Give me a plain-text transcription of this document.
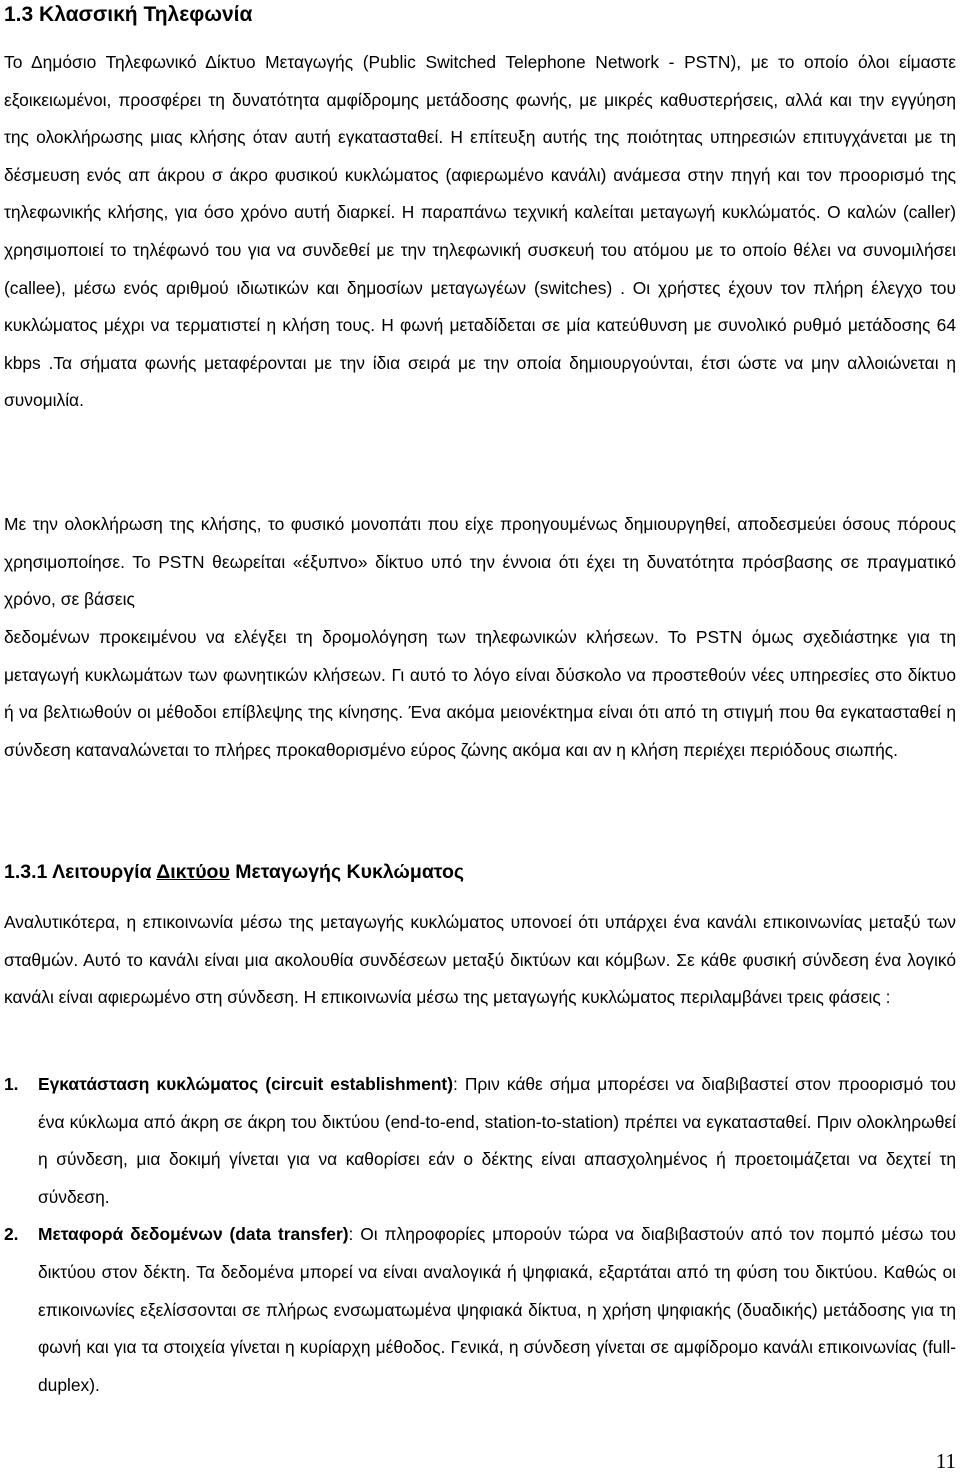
1.3 Κλασσική Τηλεφωνία

Το Δημόσιο Τηλεφωνικό Δίκτυο Μεταγωγής (Public Switched Telephone Network - PSTN), με το οποίο όλοι είμαστε εξοικειωμένοι, προσφέρει τη δυνατότητα αμφίδρομης μετάδοσης φωνής, με μικρές καθυστερήσεις, αλλά και την εγγύηση της ολοκλήρωσης μιας κλήσης όταν αυτή εγκατασταθεί. Η επίτευξη αυτής της ποιότητας υπηρεσιών επιτυγχάνεται με τη δέσμευση ενός απ άκρου σ άκρο φυσικού κυκλώματος (αφιερωμένο κανάλι) ανάμεσα στην πηγή και τον προορισμό της τηλεφωνικής κλήσης, για όσο χρόνο αυτή διαρκεί. Η παραπάνω τεχνική καλείται μεταγωγή κυκλώματός. Ο καλών (caller) χρησιμοποιεί το τηλέφωνό του για να συνδεθεί με την τηλεφωνική συσκευή του ατόμου με το οποίο θέλει να συνομιλήσει (callee), μέσω ενός αριθμού ιδιωτικών και δημοσίων μεταγωγέων (switches) . Οι χρήστες έχουν τον πλήρη έλεγχο του κυκλώματος μέχρι να τερματιστεί η κλήση τους. Η φωνή μεταδίδεται σε μία κατεύθυνση με συνολικό ρυθμό μετάδοσης 64 kbps .Τα σήματα φωνής μεταφέρονται με την ίδια σειρά με την οποία δημιουργούνται, έτσι ώστε να μην αλλοιώνεται η συνομιλία.

Με την ολοκλήρωση της κλήσης, το φυσικό μονοπάτι που είχε προηγουμένως δημιουργηθεί, αποδεσμεύει όσους πόρους χρησιμοποίησε. Το PSTN θεωρείται «έξυπνο» δίκτυο υπό την έννοια ότι έχει τη δυνατότητα πρόσβασης σε πραγματικό χρόνο, σε βάσεις

δεδομένων προκειμένου να ελέγξει τη δρομολόγηση των τηλεφωνικών κλήσεων. Το PSTN όμως σχεδιάστηκε για τη μεταγωγή κυκλωμάτων των φωνητικών κλήσεων. Γι αυτό το λόγο είναι δύσκολο να προστεθούν νέες υπηρεσίες στο δίκτυο ή να βελτιωθούν οι μέθοδοι επίβλεψης της κίνησης. Ένα ακόμα μειονέκτημα είναι ότι από τη στιγμή που θα εγκατασταθεί η σύνδεση καταναλώνεται το πλήρες προκαθορισμένο εύρος ζώνης ακόμα και αν η κλήση περιέχει περιόδους σιωπής.

1.3.1 Λειτουργία Δικτύου Μεταγωγής Κυκλώματος

Αναλυτικότερα, η επικοινωνία μέσω της μεταγωγής κυκλώματος υπονοεί ότι υπάρχει ένα κανάλι επικοινωνίας μεταξύ των σταθμών. Αυτό το κανάλι είναι μια ακολουθία συνδέσεων μεταξύ δικτύων και κόμβων. Σε κάθε φυσική σύνδεση ένα λογικό κανάλι είναι αφιερωμένο στη σύνδεση. Η επικοινωνία μέσω της μεταγωγής κυκλώματος περιλαμβάνει τρεις φάσεις :

1. Εγκατάσταση κυκλώματος (circuit establishment): Πριν κάθε σήμα μπορέσει να διαβιβαστεί στον προορισμό του ένα κύκλωμα από άκρη σε άκρη του δικτύου (end-to-end, station-to-station) πρέπει να εγκατασταθεί. Πριν ολοκληρωθεί η σύνδεση, μια δοκιμή γίνεται για να καθορίσει εάν ο δέκτης είναι απασχολημένος ή προετοιμάζεται να δεχτεί τη σύνδεση.
2. Μεταφορά δεδομένων (data transfer): Οι πληροφορίες μπορούν τώρα να διαβιβαστούν από τον πομπό μέσω του δικτύου στον δέκτη. Τα δεδομένα μπορεί να είναι αναλογικά ή ψηφιακά, εξαρτάται από τη φύση του δικτύου. Καθώς οι επικοινωνίες εξελίσσονται σε πλήρως ενσωματωμένα ψηφιακά δίκτυα, η χρήση ψηφιακής (δυαδικής) μετάδοσης για τη φωνή και για τα στοιχεία γίνεται η κυρίαρχη μέθοδος. Γενικά, η σύνδεση γίνεται σε αμφίδρομο κανάλι επικοινωνίας (full-duplex).
11
